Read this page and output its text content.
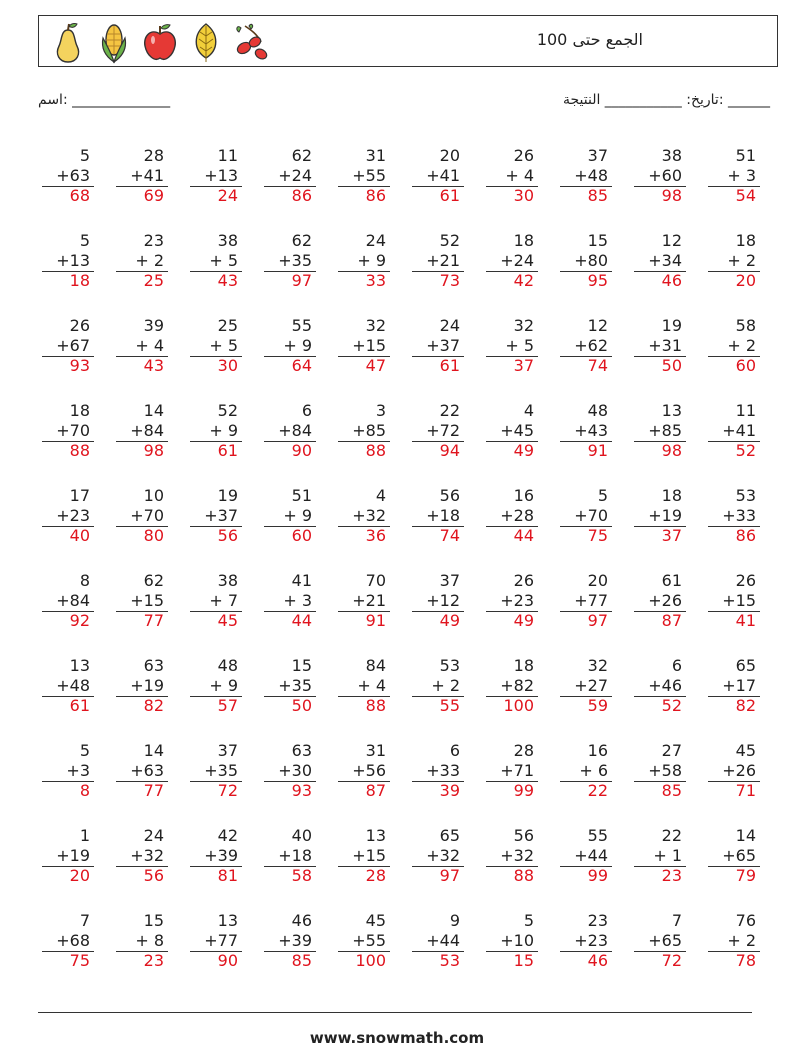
الجمع حتى 100
اسم: ______________	______ :تاريخ: ___________ النتيجة
5
+63
68
28
+41
69
11
+13
24
62
+24
86
31
+55
86
20
+41
61
26
+ 4
30
37
+48
85
38
+60
98
51
+ 3
54
5
+13
18
23
+ 2
25
38
+ 5
43
62
+35
97
24
+ 9
33
52
+21
73
18
+24
42
15
+80
95
12
+34
46
18
+ 2
20
26
+67
93
39
+ 4
43
25
+ 5
30
55
+ 9
64
32
+15
47
24
+37
61
32
+ 5
37
12
+62
74
19
+31
50
58
+ 2
60
18
+70
88
14
+84
98
52
+ 9
61
6
+84
90
3
+85
88
22
+72
94
4
+45
49
48
+43
91
13
+85
98
11
+41
52
17
+23
40
10
+70
80
19
+37
56
51
+ 9
60
4
+32
36
56
+18
74
16
+28
44
5
+70
75
18
+19
37
53
+33
86
8
+84
92
62
+15
77
38
+ 7
45
41
+ 3
44
70
+21
91
37
+12
49
26
+23
49
20
+77
97
61
+26
87
26
+15
41
13
+48
61
63
+19
82
48
+ 9
57
15
+35
50
84
+ 4
88
53
+ 2
55
18
+82
100
32
+27
59
6
+46
52
65
+17
82
5
+3
8
14
+63
77
37
+35
72
63
+30
93
31
+56
87
6
+33
39
28
+71
99
16
+ 6
22
27
+58
85
45
+26
71
1
+19
20
24
+32
56
42
+39
81
40
+18
58
13
+15
28
65
+32
97
56
+32
88
55
+44
99
22
+ 1
23
14
+65
79
7
+68
75
15
+ 8
23
13
+77
90
46
+39
85
45
+55
100
9
+44
53
5
+10
15
23
+23
46
7
+65
72
76
+ 2
78
www.snowmath.com
